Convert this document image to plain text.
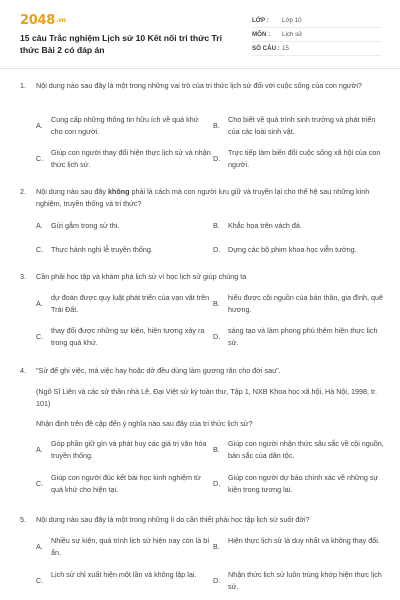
2048.vn
15 câu Trắc nghiệm Lịch sử 10 Kết nối tri thức Tri thức Bài 2 có đáp án
LỚP : Lớp 10
MÔN : Lịch sử
SỐ CÂU : 15
1. Nội dung nào sau đây là một trong những vai trò của tri thức lịch sử đối với cuộc sống của con người?
A.
Cung cấp những thông tin hữu ích về quá khứ cho con người.
B.
Cho biết về quá trình sinh trưởng và phát triển của các loài sinh vật.
C.
Giúp con người thay đổi hiện thực lịch sử và nhận thức lịch sử.
D.
Trực tiếp làm biến đổi cuộc sống xã hội của con người.
2. Nội dung nào sau đây không phải là cách mà con người lưu giữ và truyền lại cho thế hệ sau những kinh nghiệm, truyền thống và tri thức?
A. Gửi gắm trong sử thi.	B. Khắc họa trên vách đá.
C. Thực hành nghi lễ truyền thống.	D. Dựng các bộ phim khoa học viễn tưởng.
3. Cần phải học tập và khám phá lịch sử vì học lịch sử giúp chúng ta
A.
dự đoán được quy luật phát triển của vạn vật trên Trái Đất.
B.
hiểu được cội nguồn của bản thân, gia đình, quê hương.
C.
thay đổi được những sự kiện, hiện tượng xảy ra trong quá khứ.
D.
sáng tạo và làm phong phú thêm hiện thực lịch sử.
4. "Sử để ghi việc, mà việc hay hoặc dở đều dùng làm gương răn cho đời sau".
(Ngô Sĩ Liên và các sử thần nhà Lê, Đại Việt sử ký toàn thư, Tập 1, NXB Khoa học xã hội, Hà Nội, 1998, tr. 101)
Nhận định trên đề cập đến ý nghĩa nào sau đây của tri thức lịch sử?
A.
Góp phần giữ gìn và phát huy các giá trị văn hóa truyền thống.
B.
Giúp con người nhận thức sâu sắc về cội nguồn, bản sắc của dân tộc.
C.
Giúp con người đúc kết bài học kinh nghiệm từ quá khứ cho hiện tại.
D.
Giúp con người dự báo chính xác về những sự kiện trong tương lai.
5. Nội dung nào sau đây là một trong những lí do cần thiết phải học tập lịch sử suốt đời?
A.
Nhiều sự kiện, quá trình lịch sử hiện nay còn là bí ẩn.
B.
Hiện thực lịch sử là duy nhất và không thay đổi.
C.
Lịch sử chỉ xuất hiện một lần và không lặp lại.
D.
Nhận thức lịch sử luôn trùng khớp hiện thực lịch sử.
